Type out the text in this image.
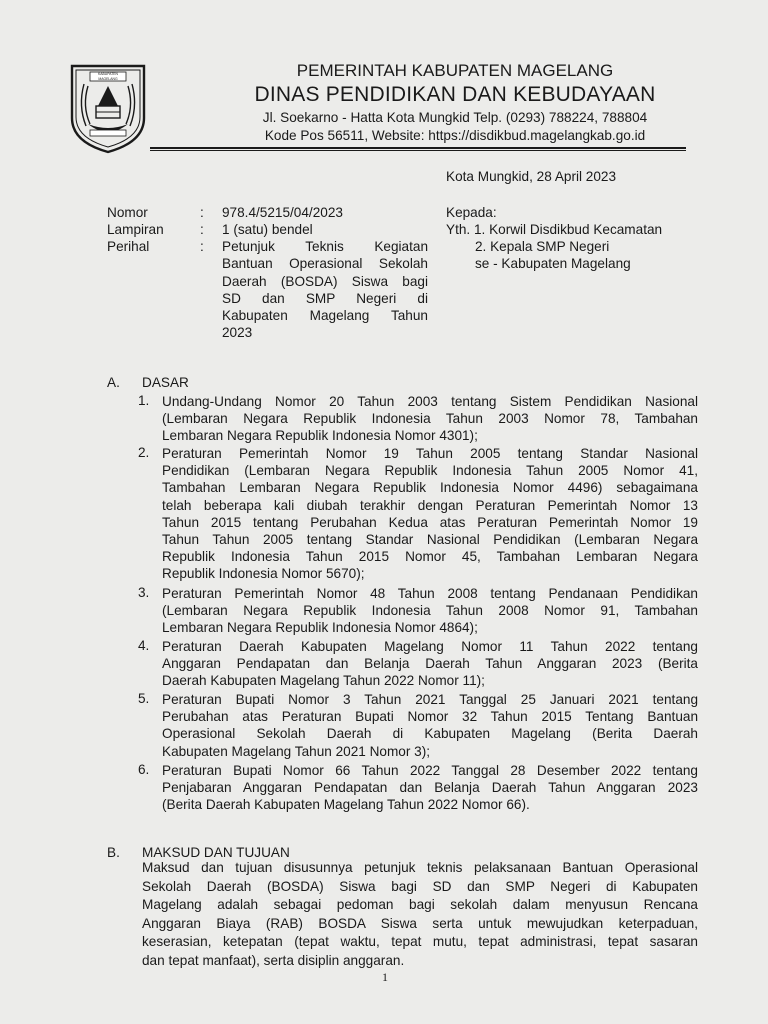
KABUPATEN MAGELANG	PEMERINTAH KABUPATEN MAGELANG
DINAS PENDIDIKAN DAN KEBUDAYAAN
Jl. Soekarno - Hatta Kota Mungkid Telp. (0293) 788224, 788804
Kode Pos 56511, Website: https://disdikbud.magelangkab.go.id
Kota Mungkid, 28 April 2023
Nomor	: 978.4/5215/04/2023
Lampiran	: 1 (satu) bendel
Perihal	: Petunjuk Teknis Kegiatan
Bantuan Operasional Sekolah
Daerah (BOSDA) Siswa bagi
SD dan SMP Negeri di
Kabupaten Magelang Tahun
2023
Kepada:
Yth. 1. Korwil Disdikbud Kecamatan
2. Kepala SMP Negeri
se - Kabupaten Magelang
A. DASAR
1. Undang-Undang Nomor 20 Tahun 2003 tentang Sistem Pendidikan Nasional
(Lembaran Negara Republik Indonesia Tahun 2003 Nomor 78, Tambahan
Lembaran Negara Republik Indonesia Nomor 4301);
2. Peraturan Pemerintah Nomor 19 Tahun 2005 tentang Standar Nasional
Pendidikan (Lembaran Negara Republik Indonesia Tahun 2005 Nomor 41,
Tambahan Lembaran Negara Republik Indonesia Nomor 4496) sebagaimana
telah beberapa kali diubah terakhir dengan Peraturan Pemerintah Nomor 13
Tahun 2015 tentang Perubahan Kedua atas Peraturan Pemerintah Nomor 19
Tahun Tahun 2005 tentang Standar Nasional Pendidikan (Lembaran Negara
Republik Indonesia Tahun 2015 Nomor 45, Tambahan Lembaran Negara
Republik Indonesia Nomor 5670);
3. Peraturan Pemerintah Nomor 48 Tahun 2008 tentang Pendanaan Pendidikan
(Lembaran Negara Republik Indonesia Tahun 2008 Nomor 91, Tambahan
Lembaran Negara Republik Indonesia Nomor 4864);
4. Peraturan Daerah Kabupaten Magelang Nomor 11 Tahun 2022 tentang
Anggaran Pendapatan dan Belanja Daerah Tahun Anggaran 2023 (Berita
Daerah Kabupaten Magelang Tahun 2022 Nomor 11);
5. Peraturan Bupati Nomor 3 Tahun 2021 Tanggal 25 Januari 2021 tentang
Perubahan atas Peraturan Bupati Nomor 32 Tahun 2015 Tentang Bantuan
Operasional Sekolah Daerah di Kabupaten Magelang (Berita Daerah
Kabupaten Magelang Tahun 2021 Nomor 3);
6. Peraturan Bupati Nomor 66 Tahun 2022 Tanggal 28 Desember 2022 tentang
Penjabaran Anggaran Pendapatan dan Belanja Daerah Tahun Anggaran 2023
(Berita Daerah Kabupaten Magelang Tahun 2022 Nomor 66).
B. MAKSUD DAN TUJUAN
Maksud dan tujuan disusunnya petunjuk teknis pelaksanaan Bantuan Operasional
Sekolah Daerah (BOSDA) Siswa bagi SD dan SMP Negeri di Kabupaten
Magelang adalah sebagai pedoman bagi sekolah dalam menyusun Rencana
Anggaran Biaya (RAB) BOSDA Siswa serta untuk mewujudkan keterpaduan,
keserasian, ketepatan (tepat waktu, tepat mutu, tepat administrasi, tepat sasaran
dan tepat manfaat), serta disiplin anggaran.
1
